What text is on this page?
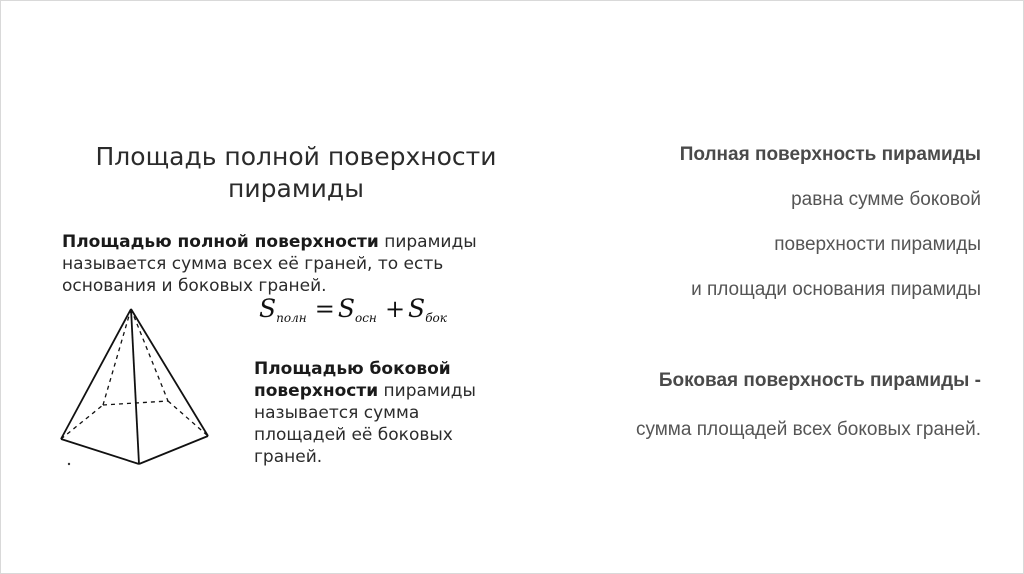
Площадь полной поверхности
пирамиды
Площадью полной поверхности пирамиды
называется сумма всех её граней, то есть
основания и боковых граней.
$S_{полн} = S_{осн} + S_{бок}$
Площадью боковой
поверхности пирамиды
называется сумма
площадей её боковых
граней.
Полная поверхность пирамиды
равна сумме боковой
поверхности пирамиды
и площади основания пирамиды
Боковая поверхность пирамиды -
сумма площадей всех боковых граней.
